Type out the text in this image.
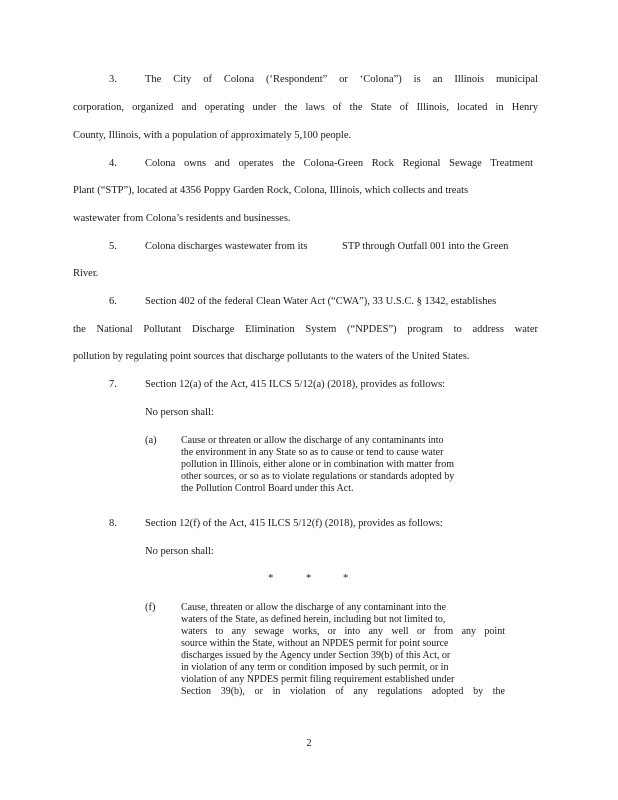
3.	The City of Colona (‘Respondent” or ‘Colona”) is an Illinois municipal
corporation, organized and operating under the laws of the State of Illinois, located in Henry
County, Illinois, with a population of approximately 5,100 people.
4.	Colona owns and operates the Colona-Green Rock Regional Sewage Treatment
Plant (“STP”), located at 4356 Poppy Garden Rock, Colona, Illinois, which collects and treats
wastewater from Colona’s residents and businesses.
5.	Colona discharges wastewater from its	STP through Outfall 001 into the Green
River.
6.	Section 402 of the federal Clean Water Act (“CWA”), 33 U.S.C. § 1342, establishes
the National Pollutant Discharge Elimination System (“NPDES”) program to address water
pollution by regulating point sources that discharge pollutants to the waters of the United States.
7.	Section 12(a) of the Act, 415 ILCS 5/12(a) (2018), provides as follows:
No person shall:
(a) Cause or threaten or allow the discharge of any contaminants into
the environment in any State so as to cause or tend to cause water
pollution in Illinois, either alone or in combination with matter from
other sources, or so as to violate regulations or standards adopted by
the Pollution Control Board under this Act.
8.	Section 12(f) of the Act, 415 ILCS 5/12(f) (2018), provides as follows:
No person shall:
*	*	*
(f)	Cause, threaten or allow the discharge of any contaminant into the
waters of the State, as defined herein, including but not limited to,
waters to any sewage works, or into any well or from any point
source within the State, without an NPDES permit for point source
discharges issued by the Agency under Section 39(b) of this Act, or
in violation of any term or condition imposed by such permit, or in
violation of any NPDES permit filing requirement established under
Section 39(b), or in violation of any regulations adopted by the
2
